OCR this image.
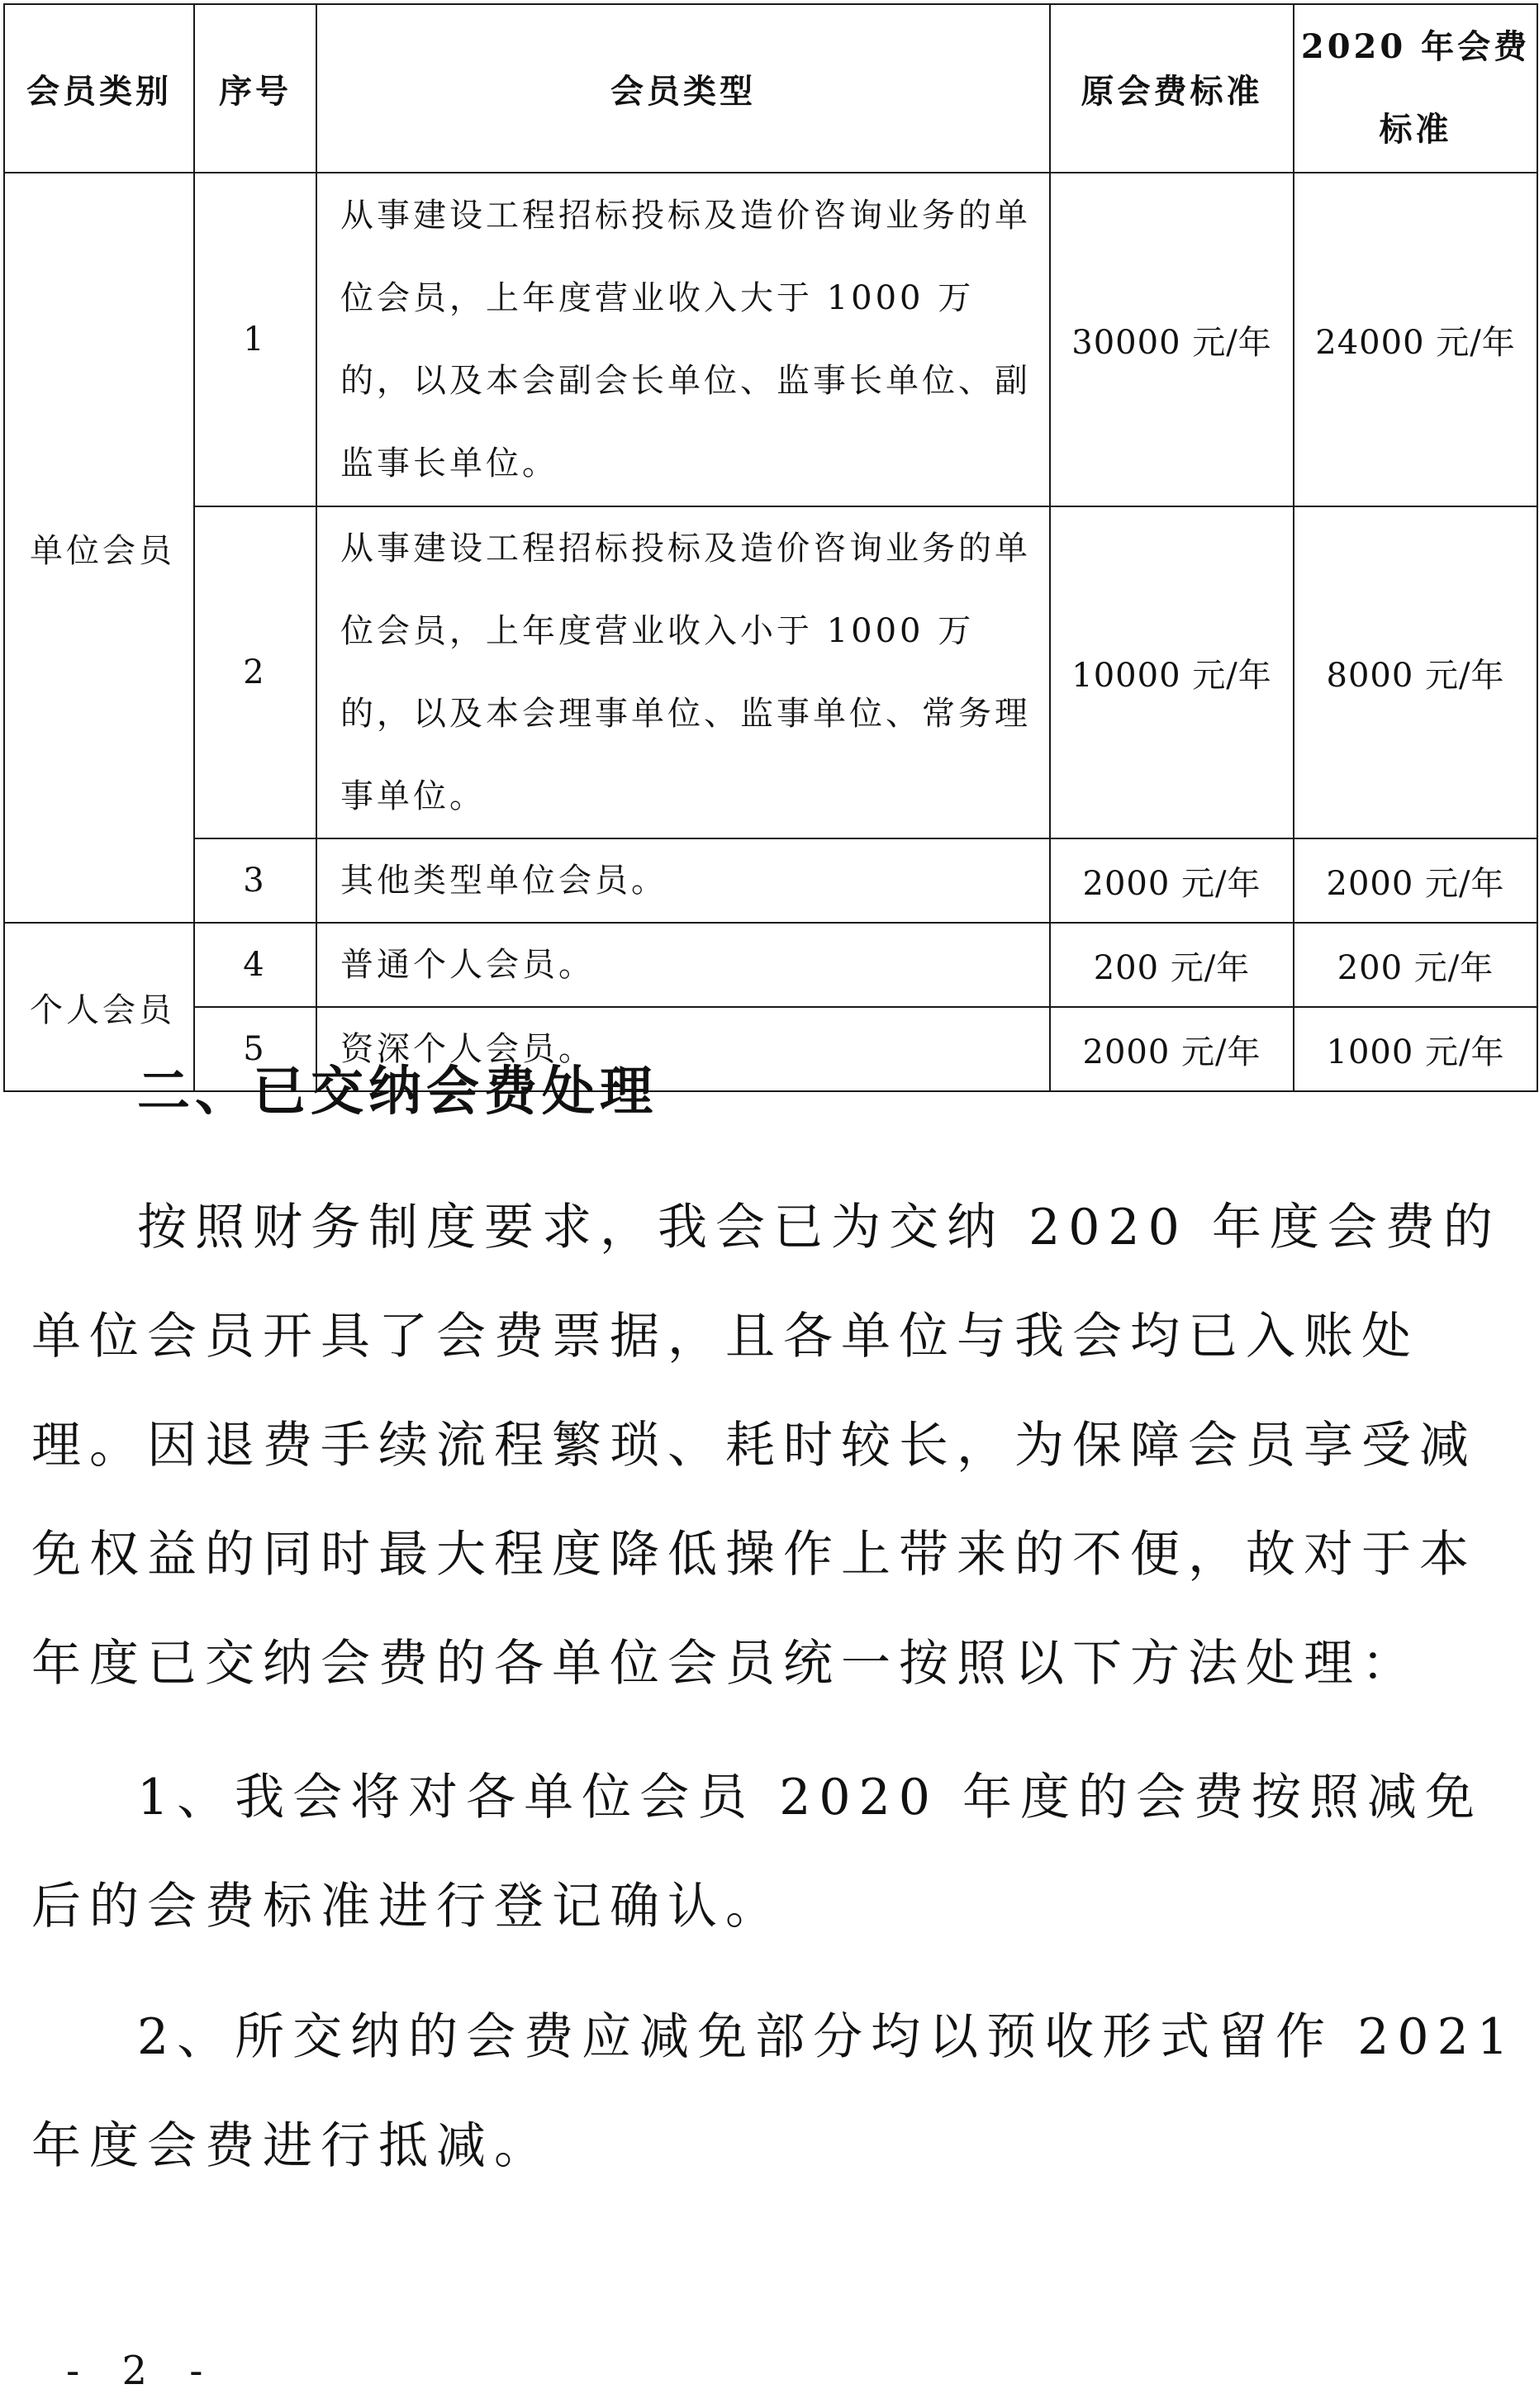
会员类别	序号	会员类型	原会费标准	2020 年会费标准
单位会员	1	从事建设工程招标投标及造价咨询业务的单位会员，上年度营业收入大于 1000 万的，以及本会副会长单位、监事长单位、副监事长单位。	30000 元/年	24000 元/年
	2	从事建设工程招标投标及造价咨询业务的单位会员，上年度营业收入小于 1000 万的，以及本会理事单位、监事单位、常务理事单位。	10000 元/年	8000 元/年
	3	其他类型单位会员。	2000 元/年	2000 元/年
个人会员	4	普通个人会员。	200 元/年	200 元/年
	5	资深个人会员。	2000 元/年	1000 元/年
二、已交纳会费处理

按照财务制度要求，我会已为交纳 2020 年度会费的单位会员开具了会费票据，且各单位与我会均已入账处理。因退费手续流程繁琐、耗时较长，为保障会员享受减免权益的同时最大程度降低操作上带来的不便，故对于本年度已交纳会费的各单位会员统一按照以下方法处理：

1、我会将对各单位会员 2020 年度的会费按照减免后的会费标准进行登记确认。

2、所交纳的会费应减免部分均以预收形式留作 2021 年度会费进行抵减。

- 2 -
